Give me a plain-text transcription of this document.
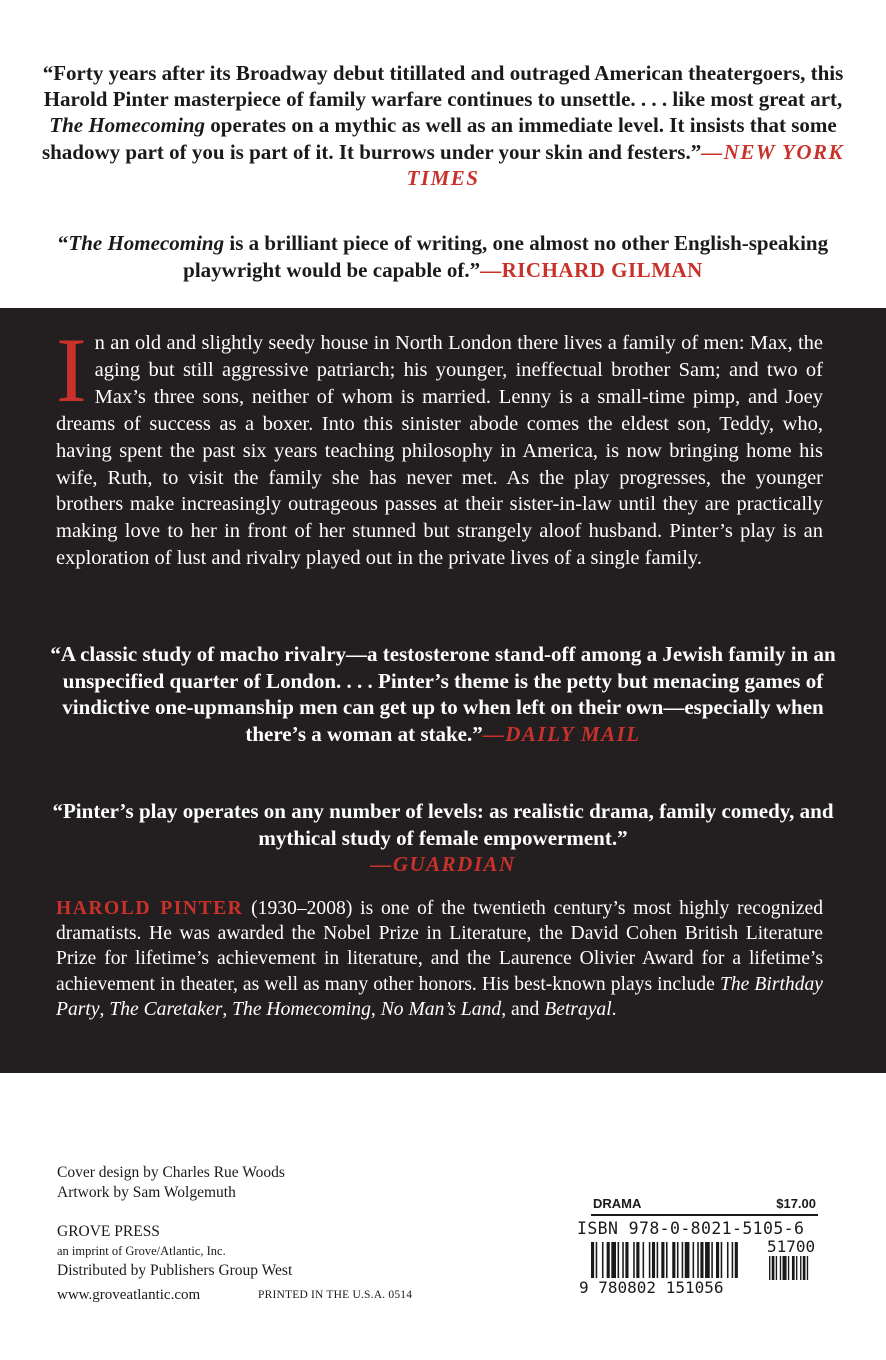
“Forty years after its Broadway debut titillated and outraged American theatergoers, this Harold Pinter masterpiece of family warfare continues to unsettle. . . . like most great art, The Homecoming operates on a mythic as well as an immediate level. It insists that some shadowy part of you is part of it. It burrows under your skin and festers.”—NEW YORK TIMES
“The Homecoming is a brilliant piece of writing, one almost no other English-speaking playwright would be capable of.”—RICHARD GILMAN
In an old and slightly seedy house in North London there lives a family of men: Max, the aging but still aggressive patriarch; his younger, ineffectual brother Sam; and two of Max’s three sons, neither of whom is married. Lenny is a small-time pimp, and Joey dreams of success as a boxer. Into this sinister abode comes the eldest son, Teddy, who, having spent the past six years teaching philosophy in America, is now bringing home his wife, Ruth, to visit the family she has never met. As the play progresses, the younger brothers make increasingly outrageous passes at their sister-in-law until they are practically making love to her in front of her stunned but strangely aloof husband. Pinter’s play is an exploration of lust and rivalry played out in the private lives of a single family.
“A classic study of macho rivalry—a testosterone stand-off among a Jewish family in an unspecified quarter of London. . . . Pinter’s theme is the petty but menacing games of vindictive one-upmanship men can get up to when left on their own—especially when there’s a woman at stake.”—DAILY MAIL
“Pinter’s play operates on any number of levels: as realistic drama, family comedy, and mythical study of female empowerment.”
—GUARDIAN
HAROLD PINTER (1930–2008) is one of the twentieth century’s most highly recognized dramatists. He was awarded the Nobel Prize in Literature, the David Cohen British Literature Prize for lifetime’s achievement in literature, and the Laurence Olivier Award for a lifetime’s achievement in theater, as well as many other honors. His best-known plays include The Birthday Party, The Caretaker, The Homecoming, No Man’s Land, and Betrayal.
Cover design by Charles Rue Woods
Artwork by Sam Wolgemuth
GROVE PRESS
an imprint of Grove/Atlantic, Inc.
Distributed by Publishers Group West
www.groveatlantic.com	PRINTED IN THE U.S.A. 0514
DRAMA	$17.00
ISBN 978-0-8021-5105-6
51700
9 780802 151056
